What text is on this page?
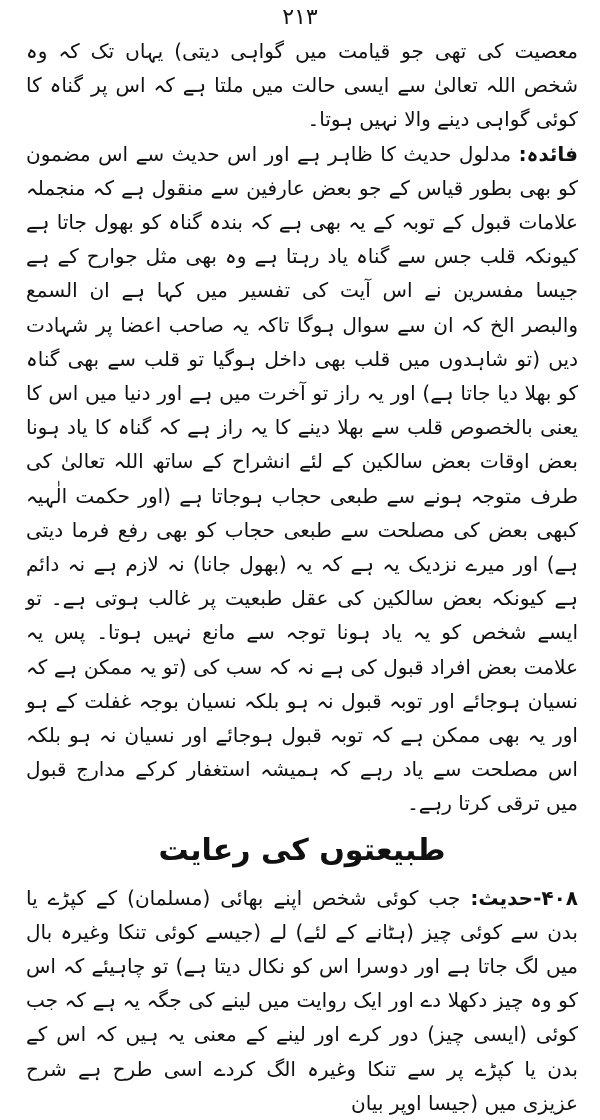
۲۱۳

معصیت کی تھی جو قیامت میں گواہی دیتی) یہاں تک کہ وہ شخص اللہ تعالیٰ سے ایسی حالت میں ملتا ہے کہ اس پر گناہ کا کوئی گواہی دینے والا نہیں ہوتا۔

فائدہ: مدلول حدیث کا ظاہر ہے اور اس حدیث سے اس مضمون کو بھی بطور قیاس کے جو بعض عارفین سے منقول ہے کہ منجملہ علامات قبول کے توبہ کے یہ بھی ہے کہ بندہ گناہ کو بھول جاتا ہے کیونکہ قلب جس سے گناہ یاد رہتا ہے وہ بھی مثل جوارح کے ہے جیسا مفسرین نے اس آیت کی تفسیر میں کہا ہے ان السمع والبصر الخ کہ ان سے سوال ہوگا تاکہ یہ صاحب اعضا پر شہادت دیں (تو شاہدوں میں قلب بھی داخل ہوگیا تو قلب سے بھی گناہ کو بھلا دیا جاتا ہے) اور یہ راز تو آخرت میں ہے اور دنیا میں اس کا یعنی بالخصوص قلب سے بھلا دینے کا یہ راز ہے کہ گناہ کا یاد ہونا بعض اوقات بعض سالکین کے لئے انشراح کے ساتھ اللہ تعالیٰ کی طرف متوجہ ہونے سے طبعی حجاب ہوجاتا ہے (اور حکمت الٰہیہ کبھی بعض کی مصلحت سے طبعی حجاب کو بھی رفع فرما دیتی ہے) اور میرے نزدیک یہ ہے کہ یہ (بھول جانا) نہ لازم ہے نہ دائم ہے کیونکہ بعض سالکین کی عقل طبعیت پر غالب ہوتی ہے۔ تو ایسے شخص کو یہ یاد ہونا توجہ سے مانع نہیں ہوتا۔ پس یہ علامت بعض افراد قبول کی ہے نہ کہ سب کی (تو یہ ممکن ہے کہ نسیان ہوجائے اور توبہ قبول نہ ہو بلکہ نسیان بوجہ غفلت کے ہو اور یہ بھی ممکن ہے کہ توبہ قبول ہوجائے اور نسیان نہ ہو بلکہ اس مصلحت سے یاد رہے کہ ہمیشہ استغفار کرکے مدارج قبول میں ترقی کرتا رہے۔

طبیعتوں کی رعایت

۴۰۸-حدیث: جب کوئی شخص اپنے بھائی (مسلمان) کے کپڑے یا بدن سے کوئی چیز (ہٹانے کے لئے) لے (جیسے کوئی تنکا وغیرہ بال میں لگ جاتا ہے اور دوسرا اس کو نکال دیتا ہے) تو چاہیئے کہ اس کو وہ چیز دکھلا دے اور ایک روایت میں لینے کی جگہ یہ ہے کہ جب کوئی (ایسی چیز) دور کرے اور لینے کے معنی یہ ہیں کہ اس کے بدن یا کپڑے پر سے تنکا وغیرہ الگ کردے اسی طرح ہے شرح عزیزی میں (جیسا اوپر بیان
